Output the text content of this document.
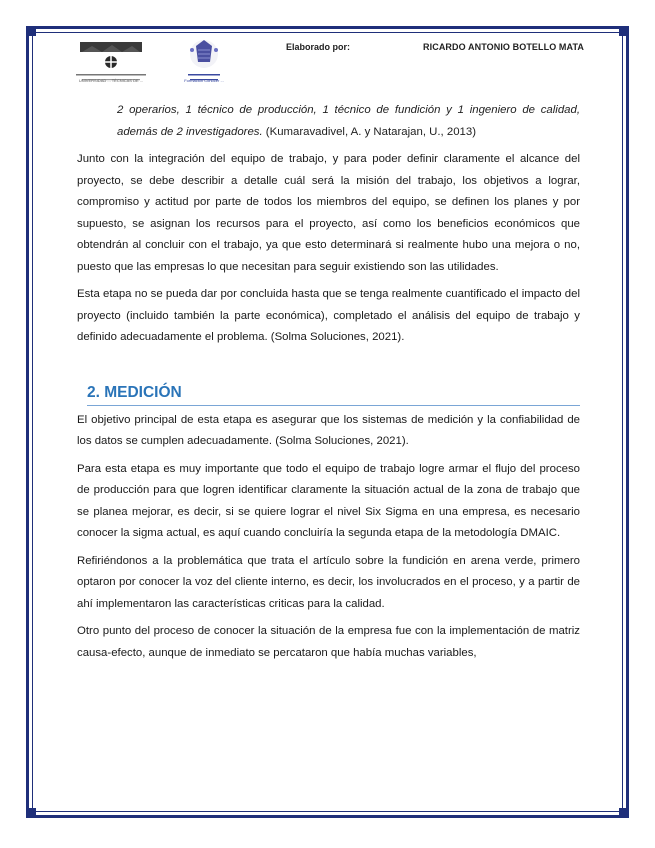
UNIVERSIDAD ... TÉCNICAS DE ...	Formación Conocer ...
Elaborado por:	RICARDO ANTONIO BOTELLO MATA

2 operarios, 1 técnico de producción, 1 técnico de fundición y 1 ingeniero de calidad, además de 2 investigadores. (Kumaravadivel, A. y Natarajan, U., 2013)

Junto con la integración del equipo de trabajo, y para poder definir claramente el alcance del proyecto, se debe describir a detalle cuál será la misión del trabajo, los objetivos a lograr, compromiso y actitud por parte de todos los miembros del equipo, se definen los planes y por supuesto, se asignan los recursos para el proyecto, así como los beneficios económicos que obtendrán al concluir con el trabajo, ya que esto determinará si realmente hubo una mejora o no, puesto que las empresas lo que necesitan para seguir existiendo son las utilidades.

Esta etapa no se pueda dar por concluida hasta que se tenga realmente cuantificado el impacto del proyecto (incluido también la parte económica), completado el análisis del equipo de trabajo y definido adecuadamente el problema. (Solma Soluciones, 2021).

2. MEDICIÓN

El objetivo principal de esta etapa es asegurar que los sistemas de medición y la confiabilidad de los datos se cumplen adecuadamente. (Solma Soluciones, 2021).

Para esta etapa es muy importante que todo el equipo de trabajo logre armar el flujo del proceso de producción para que logren identificar claramente la situación actual de la zona de trabajo que se planea mejorar, es decir, si se quiere lograr el nivel Six Sigma en una empresa, es necesario conocer la sigma actual, es aquí cuando concluiría la segunda etapa de la metodología DMAIC.

Refiriéndonos a la problemática que trata el artículo sobre la fundición en arena verde, primero optaron por conocer la voz del cliente interno, es decir, los involucrados en el proceso, y a partir de ahí implementaron las características criticas para la calidad.

Otro punto del proceso de conocer la situación de la empresa fue con la implementación de matriz causa-efecto, aunque de inmediato se percataron que había muchas variables,
